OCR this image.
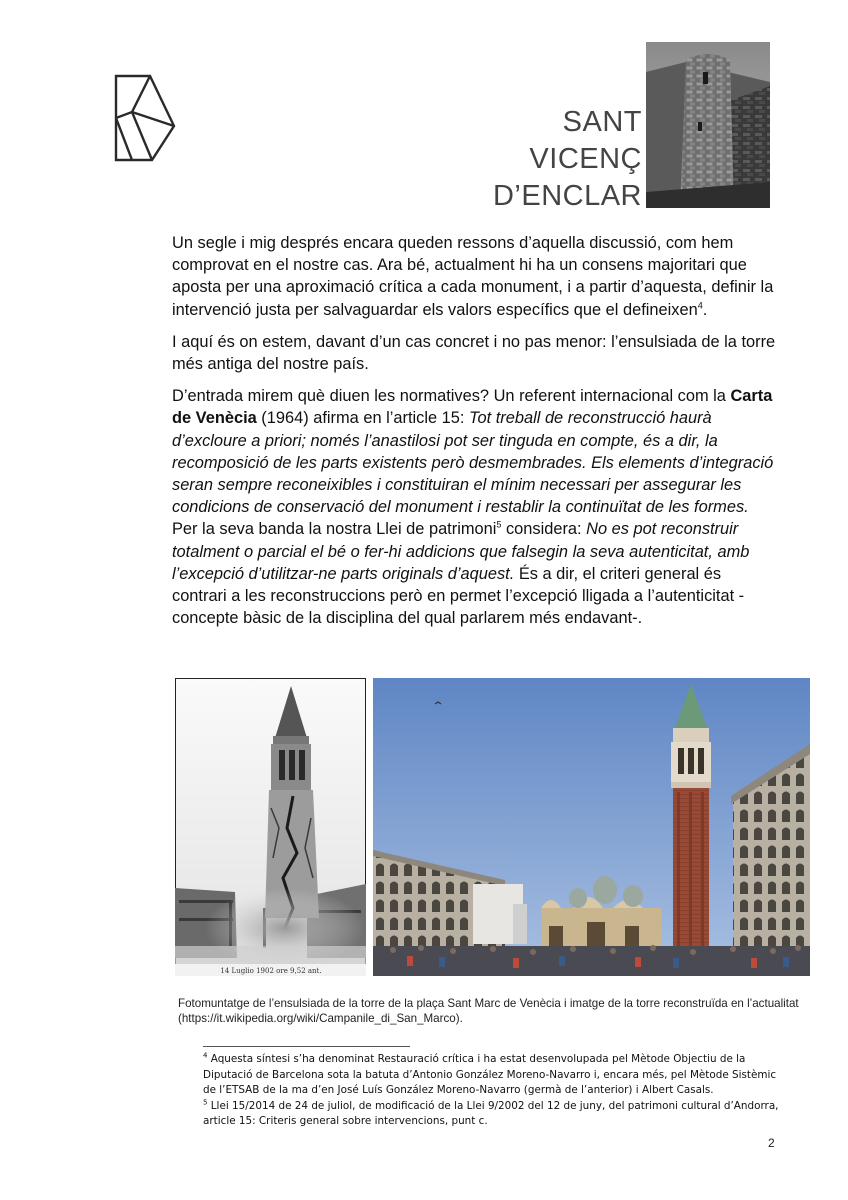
SANT
VICENÇ
D’ENCLAR

Un segle i mig després encara queden ressons d’aquella discussió, com hem comprovat en el nostre cas. Ara bé, actualment hi ha un consens majoritari que aposta per una aproximació crítica a cada monument, i a partir d’aquesta, definir la intervenció justa per salvaguardar els valors específics que el defineixen$^4$.

I aquí és on estem, davant d’un cas concret i no pas menor: l’ensulsiada de la torre més antiga del nostre país.

D’entrada mirem què diuen les normatives? Un referent internacional com la Carta de Venècia (1964) afirma en l’article 15: Tot treball de reconstrucció haurà d’excloure a priori; només l’anastilosi pot ser tinguda en compte, és a dir, la recomposició de les parts existents però desmembrades. Els elements d’integració seran sempre reconeixibles i constituiran el mínim necessari per assegurar les condicions de conservació del monument i restablir la continuïtat de les formes. Per la seva banda la nostra Llei de patrimoni$^5$ considera: No es pot reconstruir totalment o parcial el bé o fer-hi addicions que falsegin la seva autenticitat, amb l’excepció d’utilitzar-ne parts originals d’aquest. És a dir, el criteri general és contrari a les reconstruccions però en permet l’excepció lligada a l’autenticitat -concepte bàsic de la disciplina del qual parlarem més endavant-.

14 Luglio 1902 ore 9,52 ant.
Fotomuntatge de l’ensulsiada de la torre de la plaça Sant Marc de Venècia i imatge de la torre reconstruïda en l’actualitat (https://it.wikipedia.org/wiki/Campanile_di_San_Marco).

$^4$ Aquesta síntesi s’ha denominat Restauració crítica i ha estat desenvolupada pel Mètode Objectiu de la Diputació de Barcelona sota la batuta d’Antonio González Moreno-Navarro i, encara més, pel Mètode Sistèmic de l’ETSAB de la ma d’en José Luís González Moreno-Navarro (germà de l’anterior) i Albert Casals.

$^5$ Llei 15/2014 de 24 de juliol, de modificació de la Llei 9/2002 del 12 de juny, del patrimoni cultural d’Andorra, article 15: Criteris general sobre intervencions, punt c.

2
